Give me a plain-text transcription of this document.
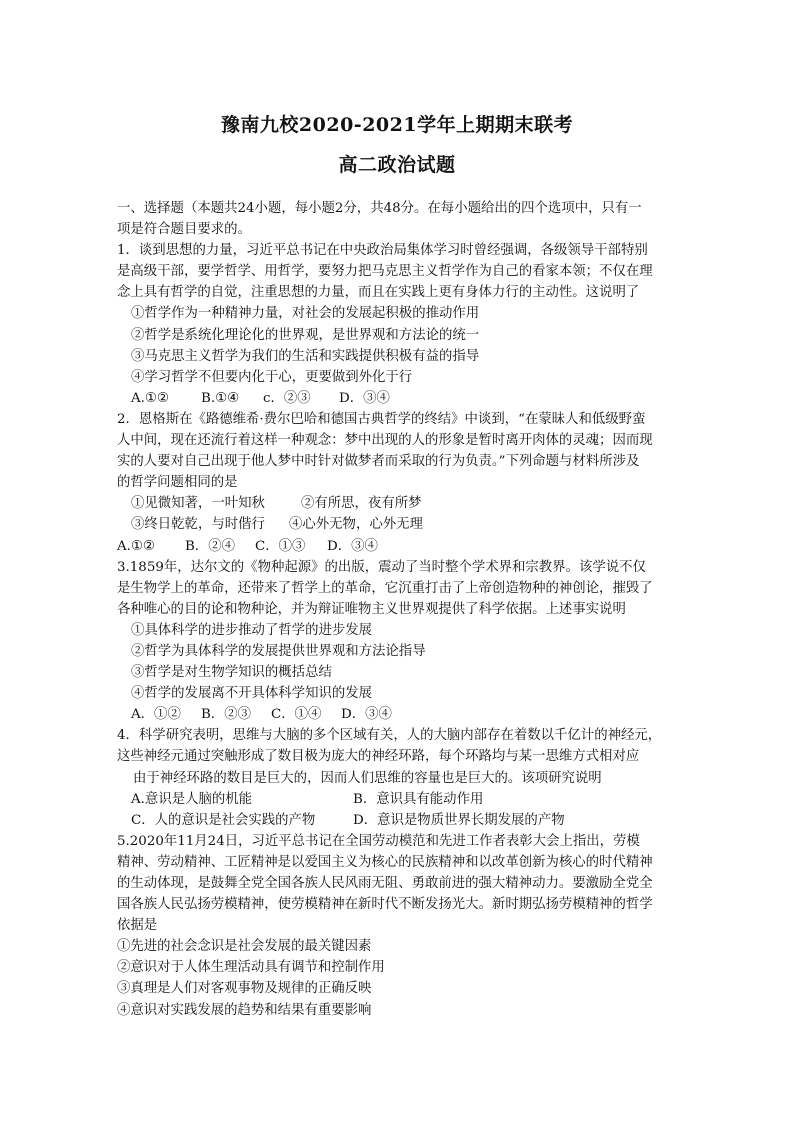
豫南九校2020-2021学年上期期末联考
高二政治试题

一、选择题（本题共24小题，每小题2分，共48分。在每小题给出的四个选项中，只有一

项是符合题目要求的。

1．谈到思想的力量，习近平总书记在中央政治局集体学习时曾经强调，各级领导干部特别

是高级干部，要学哲学、用哲学，要努力把马克思主义哲学作为自己的看家本领；不仅在理

念上具有哲学的自觉，注重思想的力量，而且在实践上更有身体力行的主动性。这说明了

①哲学作为一种精神力量，对社会的发展起积极的推动作用

②哲学是系统化理论化的世界观，是世界观和方法论的统一

③马克思主义哲学为我们的生活和实践提供积极有益的指导

④学习哲学不但要内化于心，更要做到外化于行

A.①② B.①④ c．②③ D．③④

2．恩格斯在《路德维希·费尔巴哈和德国古典哲学的终结》中谈到，“在蒙昧人和低级野蛮

人中间，现在还流行着这样一种观念：梦中出现的人的形象是暂时离开肉体的灵魂；因而现

实的人要对自己出现于他人梦中时针对做梦者而采取的行为负责。”下列命题与材料所涉及

的哲学问题相同的是

①见微知著，一叶知秋	②有所思，夜有所梦

③终日乾乾，与时偕行 ④心外无物，心外无理

A.①② B．②④ C．①③ D．③④

3.1859年，达尔文的《物种起源》的出版，震动了当时整个学术界和宗教界。该学说不仅

是生物学上的革命，还带来了哲学上的革命，它沉重打击了上帝创造物种的神创论，摧毁了

各种唯心的目的论和物种论，并为辩证唯物主义世界观提供了科学依据。上述事实说明

①具体科学的进步推动了哲学的进步发展

②哲学为具体科学的发展提供世界观和方法论指导

③哲学是对生物学知识的概括总结

④哲学的发展离不开具体科学知识的发展

A．①② B．②③ C．①④ D．③④

4．科学研究表明，思维与大脑的多个区域有关，人的大脑内部存在着数以千亿计的神经元，

这些神经元通过突触形成了数目极为庞大的神经环路，每个环路均与某一思维方式相对应

由于神经环路的数目是巨大的，因而人们思维的容量也是巨大的。该项研究说明

A.意识是人脑的机能	B．意识具有能动作用

C．人的意识是社会实践的产物	D．意识是物质世界长期发展的产物

5.2020年11月24日，习近平总书记在全国劳动模范和先进工作者表彰大会上指出，劳模

精神、劳动精神、工匠精神是以爱国主义为核心的民族精神和以改革创新为核心的时代精神

的生动体现，是鼓舞全党全国各族人民风雨无阻、勇敢前进的强大精神动力。要激励全党全

国各族人民弘扬劳模精神，使劳模精神在新时代不断发扬光大。新时期弘扬劳模精神的哲学

依据是

①先进的社会念识是社会发展的最关键因素

②意识对于人体生理活动具有调节和控制作用

③真理是人们对客观事物及规律的正确反映

④意识对实践发展的趋势和结果有重要影响
